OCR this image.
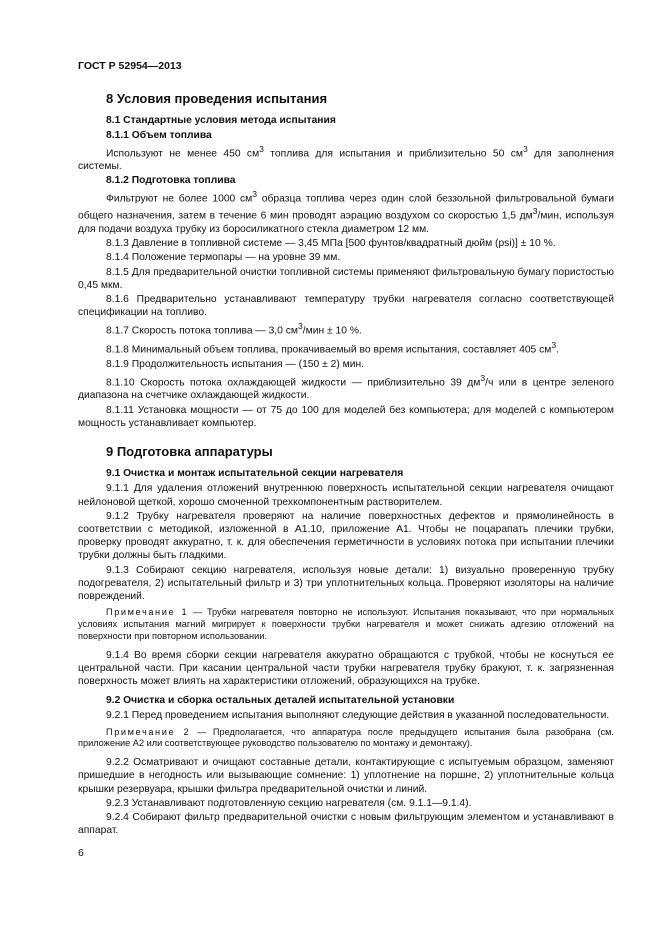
ГОСТ Р 52954—2013
8 Условия проведения испытания
8.1 Стандартные условия метода испытания
8.1.1 Объем топлива
Используют не менее 450 $см^3$ топлива для испытания и приблизительно 50 $см^3$ для заполнения системы.
8.1.2 Подготовка топлива
Фильтруют не более 1000 $см^3$ образца топлива через один слой беззольной фильтровальной бумаги общего назначения, затем в течение 6 мин проводят аэрацию воздухом со скоростью 1,5 $дм^3$/мин, используя для подачи воздуха трубку из боросиликатного стекла диаметром 12 мм.
8.1.3 Давление в топливной системе — 3,45 МПа [500 фунтов/квадратный дюйм (psi)] ± 10 %.
8.1.4 Положение термопары — на уровне 39 мм.
8.1.5 Для предварительной очистки топливной системы применяют фильтровальную бумагу пористостью 0,45 мкм.
8.1.6 Предварительно устанавливают температуру трубки нагревателя согласно соответствующей спецификации на топливо.
8.1.7 Скорость потока топлива — 3,0 $см^3$/мин ± 10 %.
8.1.8 Минимальный объем топлива, прокачиваемый во время испытания, составляет 405 $см^3$.
8.1.9 Продолжительность испытания — (150 ± 2) мин.
8.1.10 Скорость потока охлаждающей жидкости — приблизительно 39 $дм^3/ч$ или в центре зеленого диапазона на счетчике охлаждающей жидкости.
8.1.11 Установка мощности — от 75 до 100 для моделей без компьютера; для моделей с компьютером мощность устанавливает компьютер.
9 Подготовка аппаратуры
9.1 Очистка и монтаж испытательной секции нагревателя
9.1.1 Для удаления отложений внутреннюю поверхность испытательной секции нагревателя очищают нейлоновой щеткой, хорошо смоченной трехкомпонентным растворителем.
9.1.2 Трубку нагревателя проверяют на наличие поверхностных дефектов и прямолинейность в соответствии с методикой, изложенной в А1.10, приложение А1. Чтобы не поцарапать плечики трубки, проверку проводят аккуратно, т. к. для обеспечения герметичности в условиях потока при испытании плечики трубки должны быть гладкими.
9.1.3 Собирают секцию нагревателя, используя новые детали: 1) визуально проверенную трубку подогревателя, 2) испытательный фильтр и 3) три уплотнительных кольца. Проверяют изоляторы на наличие повреждений.
Примечание 1 — Трубки нагревателя повторно не используют. Испытания показывают, что при нормальных условиях испытания магний мигрирует к поверхности трубки нагревателя и может снижать адгезию отложений на поверхности при повторном использовании.
9.1.4 Во время сборки секции нагревателя аккуратно обращаются с трубкой, чтобы не коснуться ее центральной части. При касании центральной части трубки нагревателя трубку бракуют, т. к. загрязненная поверхность может влиять на характеристики отложений, образующихся на трубке.
9.2 Очистка и сборка остальных деталей испытательной установки
9.2.1 Перед проведением испытания выполняют следующие действия в указанной последовательности.
Примечание 2 — Предполагается, что аппаратура после предыдущего испытания была разобрана (см. приложение А2 или соответствующее руководство пользователю по монтажу и демонтажу).
9.2.2 Осматривают и очищают составные детали, контактирующие с испытуемым образцом, заменяют пришедшие в негодность или вызывающие сомнение: 1) уплотнение на поршне, 2) уплотнительные кольца крышки резервуара, крышки фильтра предварительной очистки и линий.
9.2.3 Устанавливают подготовленную секцию нагревателя (см. 9.1.1—9.1.4).
9.2.4 Собирают фильтр предварительной очистки с новым фильтрующим элементом и устанавливают в аппарат.
6
